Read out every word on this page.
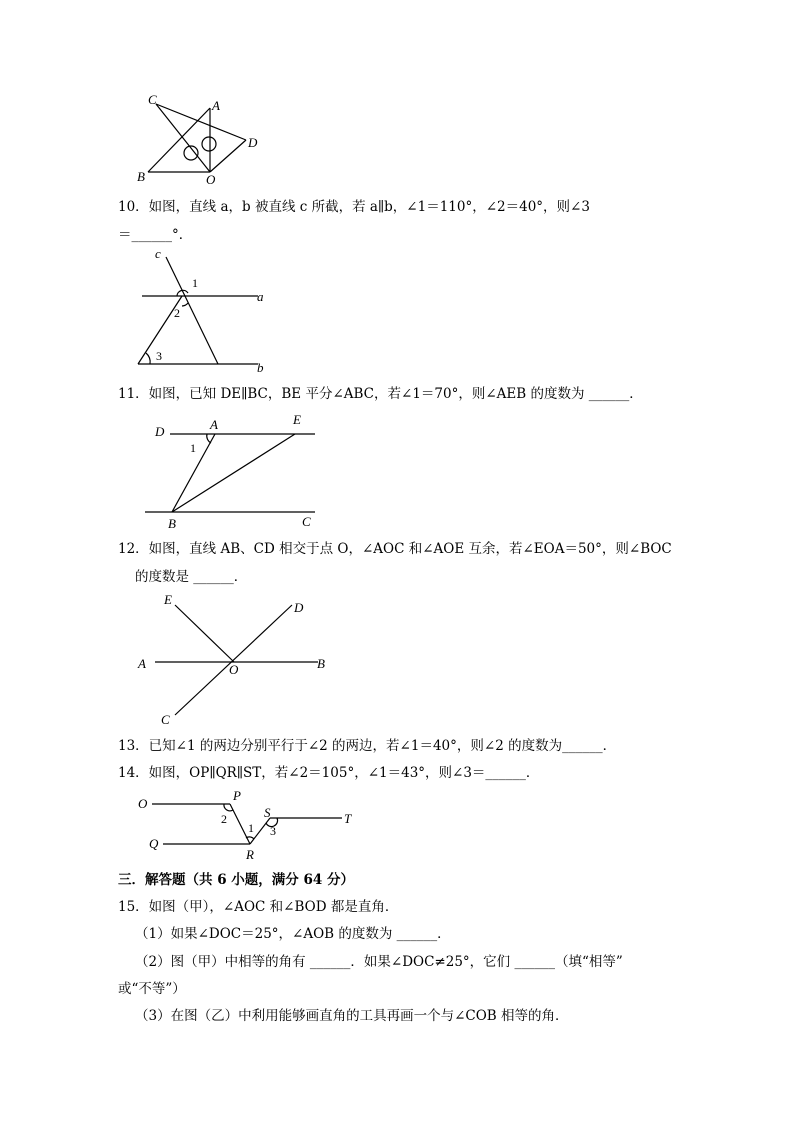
C	A
D
B	O
10．如图，直线 a，b 被直线 c 所截，若 a∥b，∠1＝110°，∠2＝40°，则∠3
＝______°．
c
a
b
1
2
3
11．如图，已知 DE∥BC，BE 平分∠ABC，若∠1＝70°，则∠AEB 的度数为 ______．
D	A	E
1
B	C
12．如图，直线 AB、CD 相交于点 O，∠AOC 和∠AOE 互余，若∠EOA＝50°，则∠BOC
的度数是 ______．
E
D
A	O	B
C
13．已知∠1 的两边分别平行于∠2 的两边，若∠1＝40°，则∠2 的度数为______．
14．如图，OP∥QR∥ST，若∠2＝105°，∠1＝43°，则∠3＝______．
O
P
2	S
1 3
T
Q
R
三．解答题（共 6 小题，满分 64 分）
15．如图（甲），∠AOC 和∠BOD 都是直角．
（1）如果∠DOC＝25°，∠AOB 的度数为 ______．
（2）图（甲）中相等的角有 ______．如果∠DOC≠25°，它们 ______（填“相等”
或“不等”）
（3）在图（乙）中利用能够画直角的工具再画一个与∠COB 相等的角．
